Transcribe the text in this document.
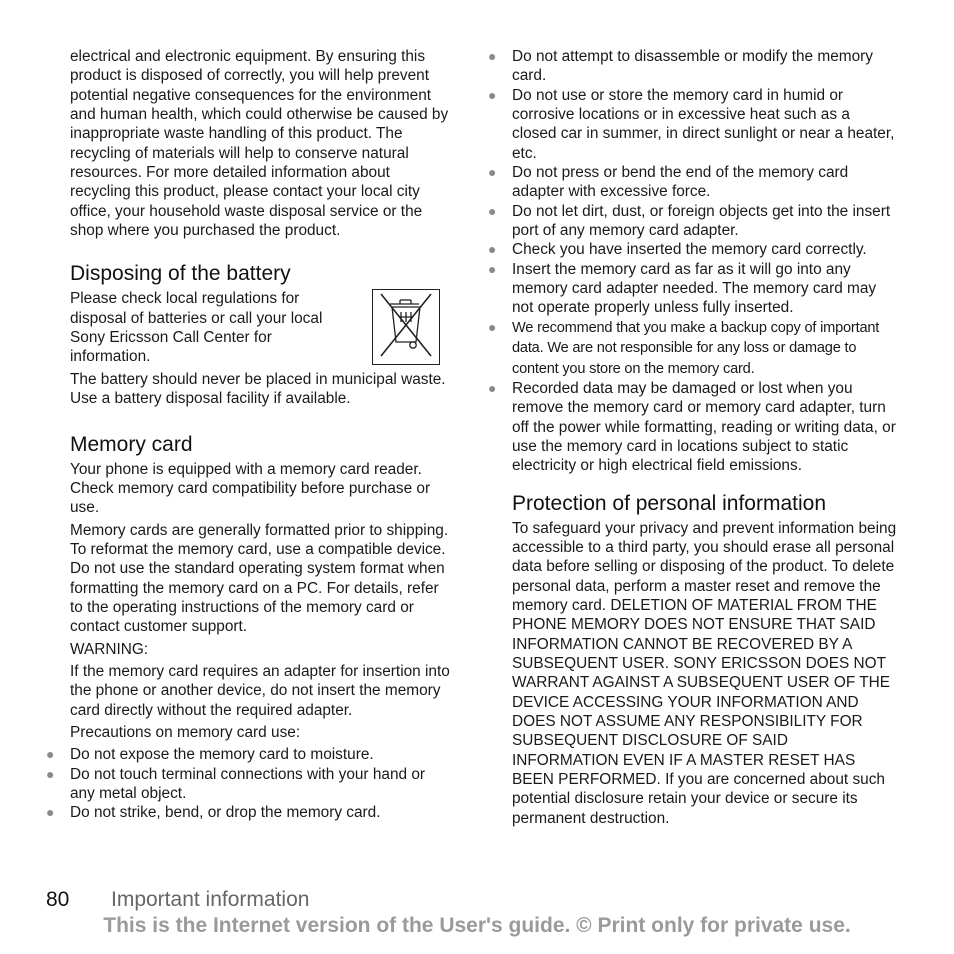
electrical and electronic equipment. By ensuring this product is disposed of correctly, you will help prevent potential negative consequences for the environment and human health, which could otherwise be caused by inappropriate waste handling of this product. The recycling of materials will help to conserve natural resources. For more detailed information about recycling this product, please contact your local city office, your household waste disposal service or the shop where you purchased the product.

Disposing of the battery

Please check local regulations for disposal of batteries or call your local Sony Ericsson Call Center for information.

The battery should never be placed in municipal waste. Use a battery disposal facility if available.

Memory card

Your phone is equipped with a memory card reader. Check memory card compatibility before purchase or use.

Memory cards are generally formatted prior to shipping. To reformat the memory card, use a compatible device. Do not use the standard operating system format when formatting the memory card on a PC. For details, refer to the operating instructions of the memory card or contact customer support.

WARNING:

If the memory card requires an adapter for insertion into the phone or another device, do not insert the memory card directly without the required adapter.

Precautions on memory card use:

● Do not expose the memory card to moisture.
● Do not touch terminal connections with your hand or any metal object.
● Do not strike, bend, or drop the memory card.
● Do not attempt to disassemble or modify the memory card.
● Do not use or store the memory card in humid or corrosive locations or in excessive heat such as a closed car in summer, in direct sunlight or near a heater, etc.
● Do not press or bend the end of the memory card adapter with excessive force.
● Do not let dirt, dust, or foreign objects get into the insert port of any memory card adapter.
● Check you have inserted the memory card correctly.
● Insert the memory card as far as it will go into any memory card adapter needed. The memory card may not operate properly unless fully inserted.
● We recommend that you make a backup copy of important data. We are not responsible for any loss or damage to content you store on the memory card.
● Recorded data may be damaged or lost when you remove the memory card or memory card adapter, turn off the power while formatting, reading or writing data, or use the memory card in locations subject to static electricity or high electrical field emissions.
Protection of personal information

To safeguard your privacy and prevent information being accessible to a third party, you should erase all personal data before selling or disposing of the product. To delete personal data, perform a master reset and remove the memory card. DELETION OF MATERIAL FROM THE PHONE MEMORY DOES NOT ENSURE THAT SAID INFORMATION CANNOT BE RECOVERED BY A SUBSEQUENT USER. SONY ERICSSON DOES NOT WARRANT AGAINST A SUBSEQUENT USER OF THE DEVICE ACCESSING YOUR INFORMATION AND DOES NOT ASSUME ANY RESPONSIBILITY FOR SUBSEQUENT DISCLOSURE OF SAID INFORMATION EVEN IF A MASTER RESET HAS BEEN PERFORMED. If you are concerned about such potential disclosure retain your device or secure its permanent destruction.

80 Important information
This is the Internet version of the User's guide. © Print only for private use.
